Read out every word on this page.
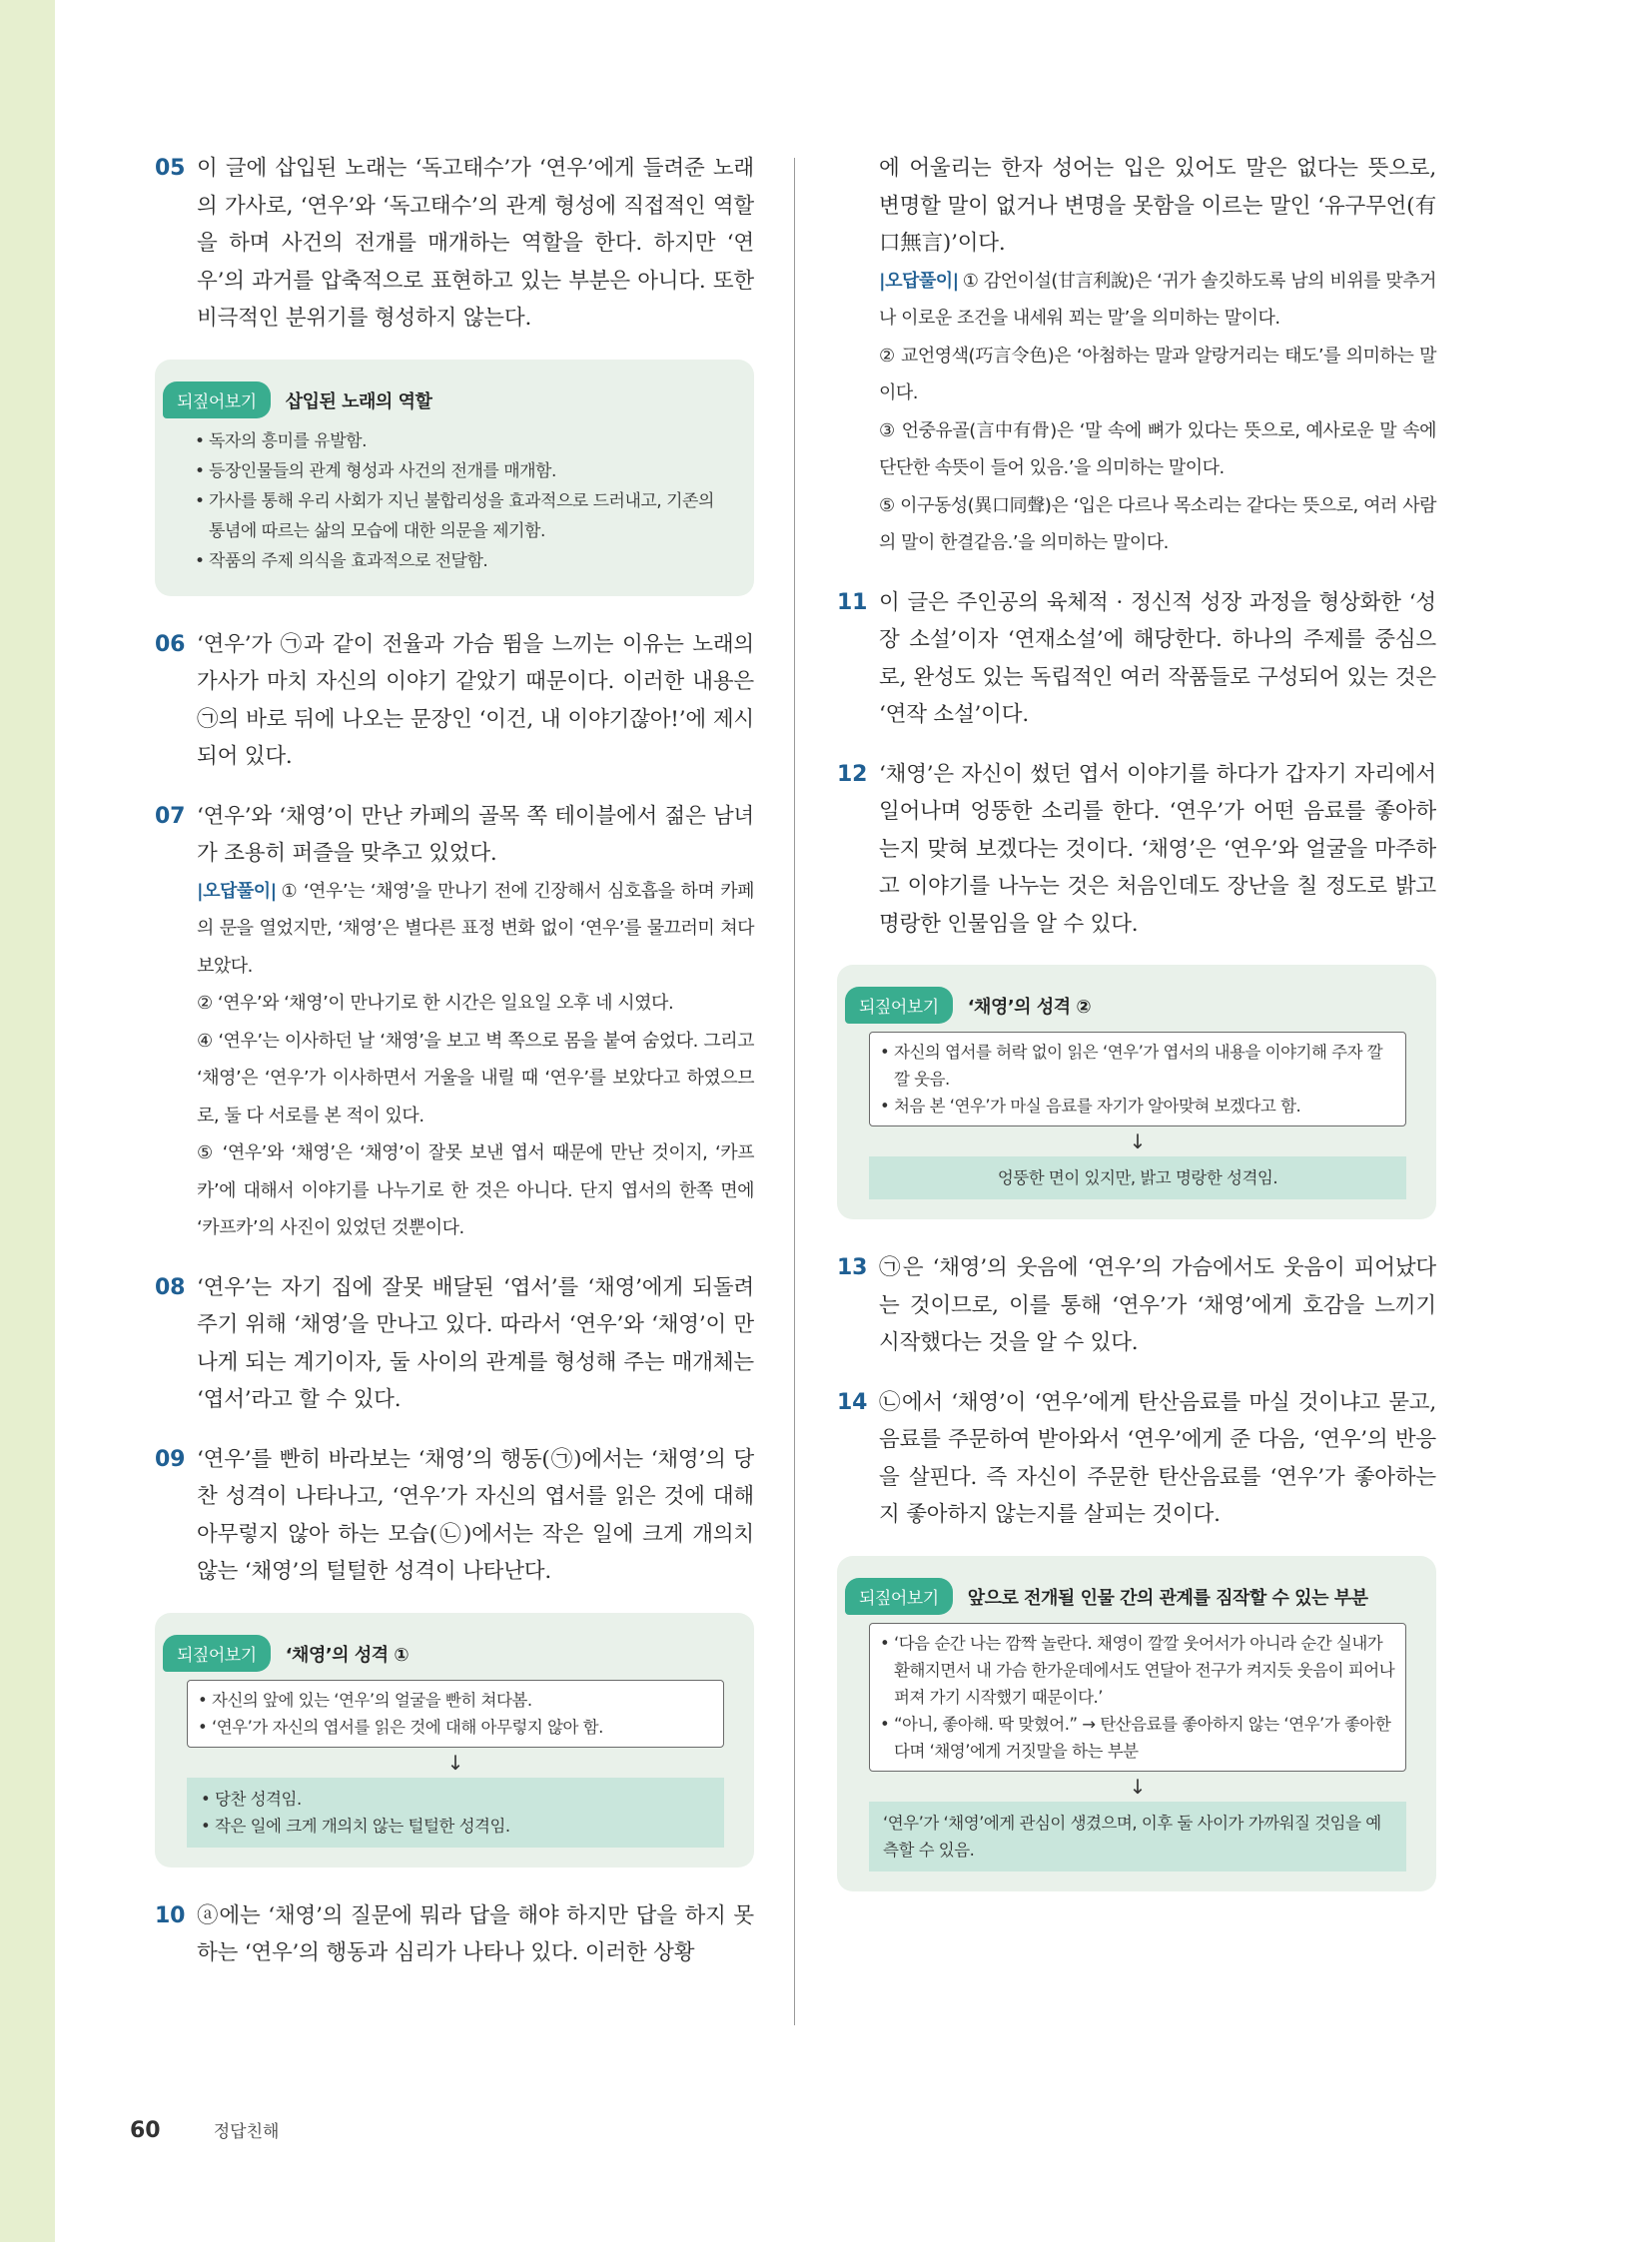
05 이 글에 삽입된 노래는 ‘독고태수’가 ‘연우’에게 들려준 노래의 가사로, ‘연우’와 ‘독고태수’의 관계 형성에 직접적인 역할을 하며 사건의 전개를 매개하는 역할을 한다. 하지만 ‘연우’의 과거를 압축적으로 표현하고 있는 부분은 아니다. 또한 비극적인 분위기를 형성하지 않는다.
되짚어보기 삽입된 노래의 역할
• 독자의 흥미를 유발함.
• 등장인물들의 관계 형성과 사건의 전개를 매개함.
• 가사를 통해 우리 사회가 지닌 불합리성을 효과적으로 드러내고, 기존의 통념에 따르는 삶의 모습에 대한 의문을 제기함.
• 작품의 주제 의식을 효과적으로 전달함.
06 ‘연우’가 ㉠과 같이 전율과 가슴 뜀을 느끼는 이유는 노래의 가사가 마치 자신의 이야기 같았기 때문이다. 이러한 내용은 ㉠의 바로 뒤에 나오는 문장인 ‘이건, 내 이야기잖아!’에 제시되어 있다.
07 ‘연우’와 ‘채영’이 만난 카페의 골목 쪽 테이블에서 젊은 남녀가 조용히 퍼즐을 맞추고 있었다.
|오답풀이| ① ‘연우’는 ‘채영’을 만나기 전에 긴장해서 심호흡을 하며 카페의 문을 열었지만, ‘채영’은 별다른 표정 변화 없이 ‘연우’를 물끄러미 쳐다보았다.
② ‘연우’와 ‘채영’이 만나기로 한 시간은 일요일 오후 네 시였다.
④ ‘연우’는 이사하던 날 ‘채영’을 보고 벽 쪽으로 몸을 붙여 숨었다. 그리고 ‘채영’은 ‘연우’가 이사하면서 거울을 내릴 때 ‘연우’를 보았다고 하였으므로, 둘 다 서로를 본 적이 있다.
⑤ ‘연우’와 ‘채영’은 ‘채영’이 잘못 보낸 엽서 때문에 만난 것이지, ‘카프카’에 대해서 이야기를 나누기로 한 것은 아니다. 단지 엽서의 한쪽 면에 ‘카프카’의 사진이 있었던 것뿐이다.
08 ‘연우’는 자기 집에 잘못 배달된 ‘엽서’를 ‘채영’에게 되돌려 주기 위해 ‘채영’을 만나고 있다. 따라서 ‘연우’와 ‘채영’이 만나게 되는 계기이자, 둘 사이의 관계를 형성해 주는 매개체는 ‘엽서’라고 할 수 있다.
09 ‘연우’를 빤히 바라보는 ‘채영’의 행동(㉠)에서는 ‘채영’의 당찬 성격이 나타나고, ‘연우’가 자신의 엽서를 읽은 것에 대해 아무렇지 않아 하는 모습(㉡)에서는 작은 일에 크게 개의치 않는 ‘채영’의 털털한 성격이 나타난다.
되짚어보기 ‘채영’의 성격 ①
• 자신의 앞에 있는 ‘연우’의 얼굴을 빤히 쳐다봄.
• ‘연우’가 자신의 엽서를 읽은 것에 대해 아무렇지 않아 함.
↓
• 당찬 성격임.
• 작은 일에 크게 개의치 않는 털털한 성격임.
10 ⓐ에는 ‘채영’의 질문에 뭐라 답을 해야 하지만 답을 하지 못하는 ‘연우’의 행동과 심리가 나타나 있다. 이러한 상황
에 어울리는 한자 성어는 입은 있어도 말은 없다는 뜻으로, 변명할 말이 없거나 변명을 못함을 이르는 말인 ‘유구무언(有口無言)’이다.
|오답풀이| ① 감언이설(甘言利說)은 ‘귀가 솔깃하도록 남의 비위를 맞추거나 이로운 조건을 내세워 꾀는 말’을 의미하는 말이다.
② 교언영색(巧言令色)은 ‘아첨하는 말과 알랑거리는 태도’를 의미하는 말이다.
③ 언중유골(言中有骨)은 ‘말 속에 뼈가 있다는 뜻으로, 예사로운 말 속에 단단한 속뜻이 들어 있음.’을 의미하는 말이다.
⑤ 이구동성(異口同聲)은 ‘입은 다르나 목소리는 같다는 뜻으로, 여러 사람의 말이 한결같음.’을 의미하는 말이다.
11 이 글은 주인공의 육체적 · 정신적 성장 과정을 형상화한 ‘성장 소설’이자 ‘연재소설’에 해당한다. 하나의 주제를 중심으로, 완성도 있는 독립적인 여러 작품들로 구성되어 있는 것은 ‘연작 소설’이다.
12 ‘채영’은 자신이 썼던 엽서 이야기를 하다가 갑자기 자리에서 일어나며 엉뚱한 소리를 한다. ‘연우’가 어떤 음료를 좋아하는지 맞혀 보겠다는 것이다. ‘채영’은 ‘연우’와 얼굴을 마주하고 이야기를 나누는 것은 처음인데도 장난을 칠 정도로 밝고 명랑한 인물임을 알 수 있다.
되짚어보기 ‘채영’의 성격 ②
• 자신의 엽서를 허락 없이 읽은 ‘연우’가 엽서의 내용을 이야기해 주자 깔깔 웃음.
• 처음 본 ‘연우’가 마실 음료를 자기가 알아맞혀 보겠다고 함.
↓
엉뚱한 면이 있지만, 밝고 명랑한 성격임.
13 ㉠은 ‘채영’의 웃음에 ‘연우’의 가슴에서도 웃음이 피어났다는 것이므로, 이를 통해 ‘연우’가 ‘채영’에게 호감을 느끼기 시작했다는 것을 알 수 있다.
14 ㉡에서 ‘채영’이 ‘연우’에게 탄산음료를 마실 것이냐고 묻고, 음료를 주문하여 받아와서 ‘연우’에게 준 다음, ‘연우’의 반응을 살핀다. 즉 자신이 주문한 탄산음료를 ‘연우’가 좋아하는지 좋아하지 않는지를 살피는 것이다.
되짚어보기 앞으로 전개될 인물 간의 관계를 짐작할 수 있는 부분
• ‘다음 순간 나는 깜짝 놀란다. 채영이 깔깔 웃어서가 아니라 순간 실내가 환해지면서 내 가슴 한가운데에서도 연달아 전구가 켜지듯 웃음이 피어나 퍼져 가기 시작했기 때문이다.’
• “아니, 좋아해. 딱 맞혔어.” → 탄산음료를 좋아하지 않는 ‘연우’가 좋아한다며 ‘채영’에게 거짓말을 하는 부분
↓
‘연우’가 ‘채영’에게 관심이 생겼으며, 이후 둘 사이가 가까워질 것임을 예측할 수 있음.
60	정답친해
